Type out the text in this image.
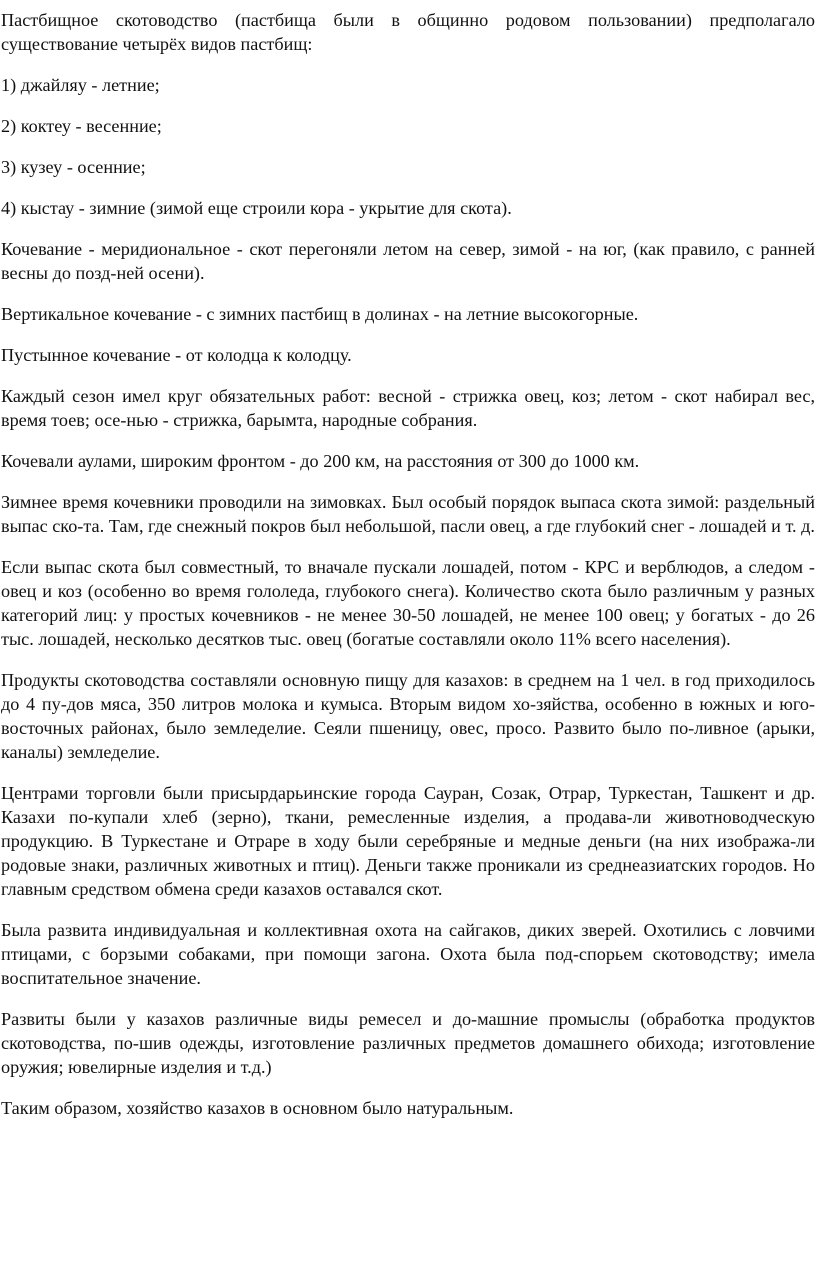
Пастбищное скотоводство (пастбища были в общинно родовом пользовании) предполагало существование четырёх видов пастбищ:

1) джайляу - летние;

2) коктеу - весенние;

3) кузеу - осенние;

4) кыстау - зимние (зимой еще строили кора - укрытие для скота).

Кочевание - меридиональное - скот перегоняли летом на север, зимой - на юг, (как правило, с ранней весны до позд-ней осени).

Вертикальное кочевание - с зимних пастбищ в долинах - на летние высокогорные.

Пустынное кочевание - от колодца к колодцу.

Каждый сезон имел круг обязательных работ: весной - стрижка овец, коз; летом - скот набирал вес, время тоев; осе-нью - стрижка, барымта, народные собрания.

Кочевали аулами, широким фронтом - до 200 км, на расстояния от 300 до 1000 км.

Зимнее время кочевники проводили на зимовках. Был особый порядок выпаса скота зимой: раздельный выпас ско-та. Там, где снежный покров был небольшой, пасли овец, а где глубокий снег - лошадей и т. д.

Если выпас скота был совместный, то вначале пускали лошадей, потом - КРС и верблюдов, а следом - овец и коз (особенно во время гололеда, глубокого снега). Количество скота было различным у разных категорий лиц: у простых кочевников - не менее 30-50 лошадей, не менее 100 овец; у богатых - до 26 тыс. лошадей, несколько десятков тыс. овец (богатые составляли около 11% всего населения).

Продукты скотоводства составляли основную пищу для казахов: в среднем на 1 чел. в год приходилось до 4 пу-дов мяса, 350 литров молока и кумыса. Вторым видом хо-зяйства, особенно в южных и юго-восточных районах, было земледелие. Сеяли пшеницу, овес, просо. Развито было по-ливное (арыки, каналы) земледелие.

Центрами торговли были присырдарьинские города Сауран, Созак, Отрар, Туркестан, Ташкент и др. Казахи по-купали хлеб (зерно), ткани, ремесленные изделия, а продава-ли животноводческую продукцию. В Туркестане и Отраре в ходу были серебряные и медные деньги (на них изобража-ли родовые знаки, различных животных и птиц). Деньги также проникали из среднеазиатских городов. Но главным средством обмена среди казахов оставался скот.

Была развита индивидуальная и коллективная охота на сайгаков, диких зверей. Охотились с ловчими птицами, с борзыми собаками, при помощи загона. Охота была под-спорьем скотоводству; имела воспитательное значение.

Развиты были у казахов различные виды ремесел и до-машние промыслы (обработка продуктов скотоводства, по-шив одежды, изготовление различных предметов домашнего обихода; изготовление оружия; ювелирные изделия и т.д.)

Таким образом, хозяйство казахов в основном было натуральным.
